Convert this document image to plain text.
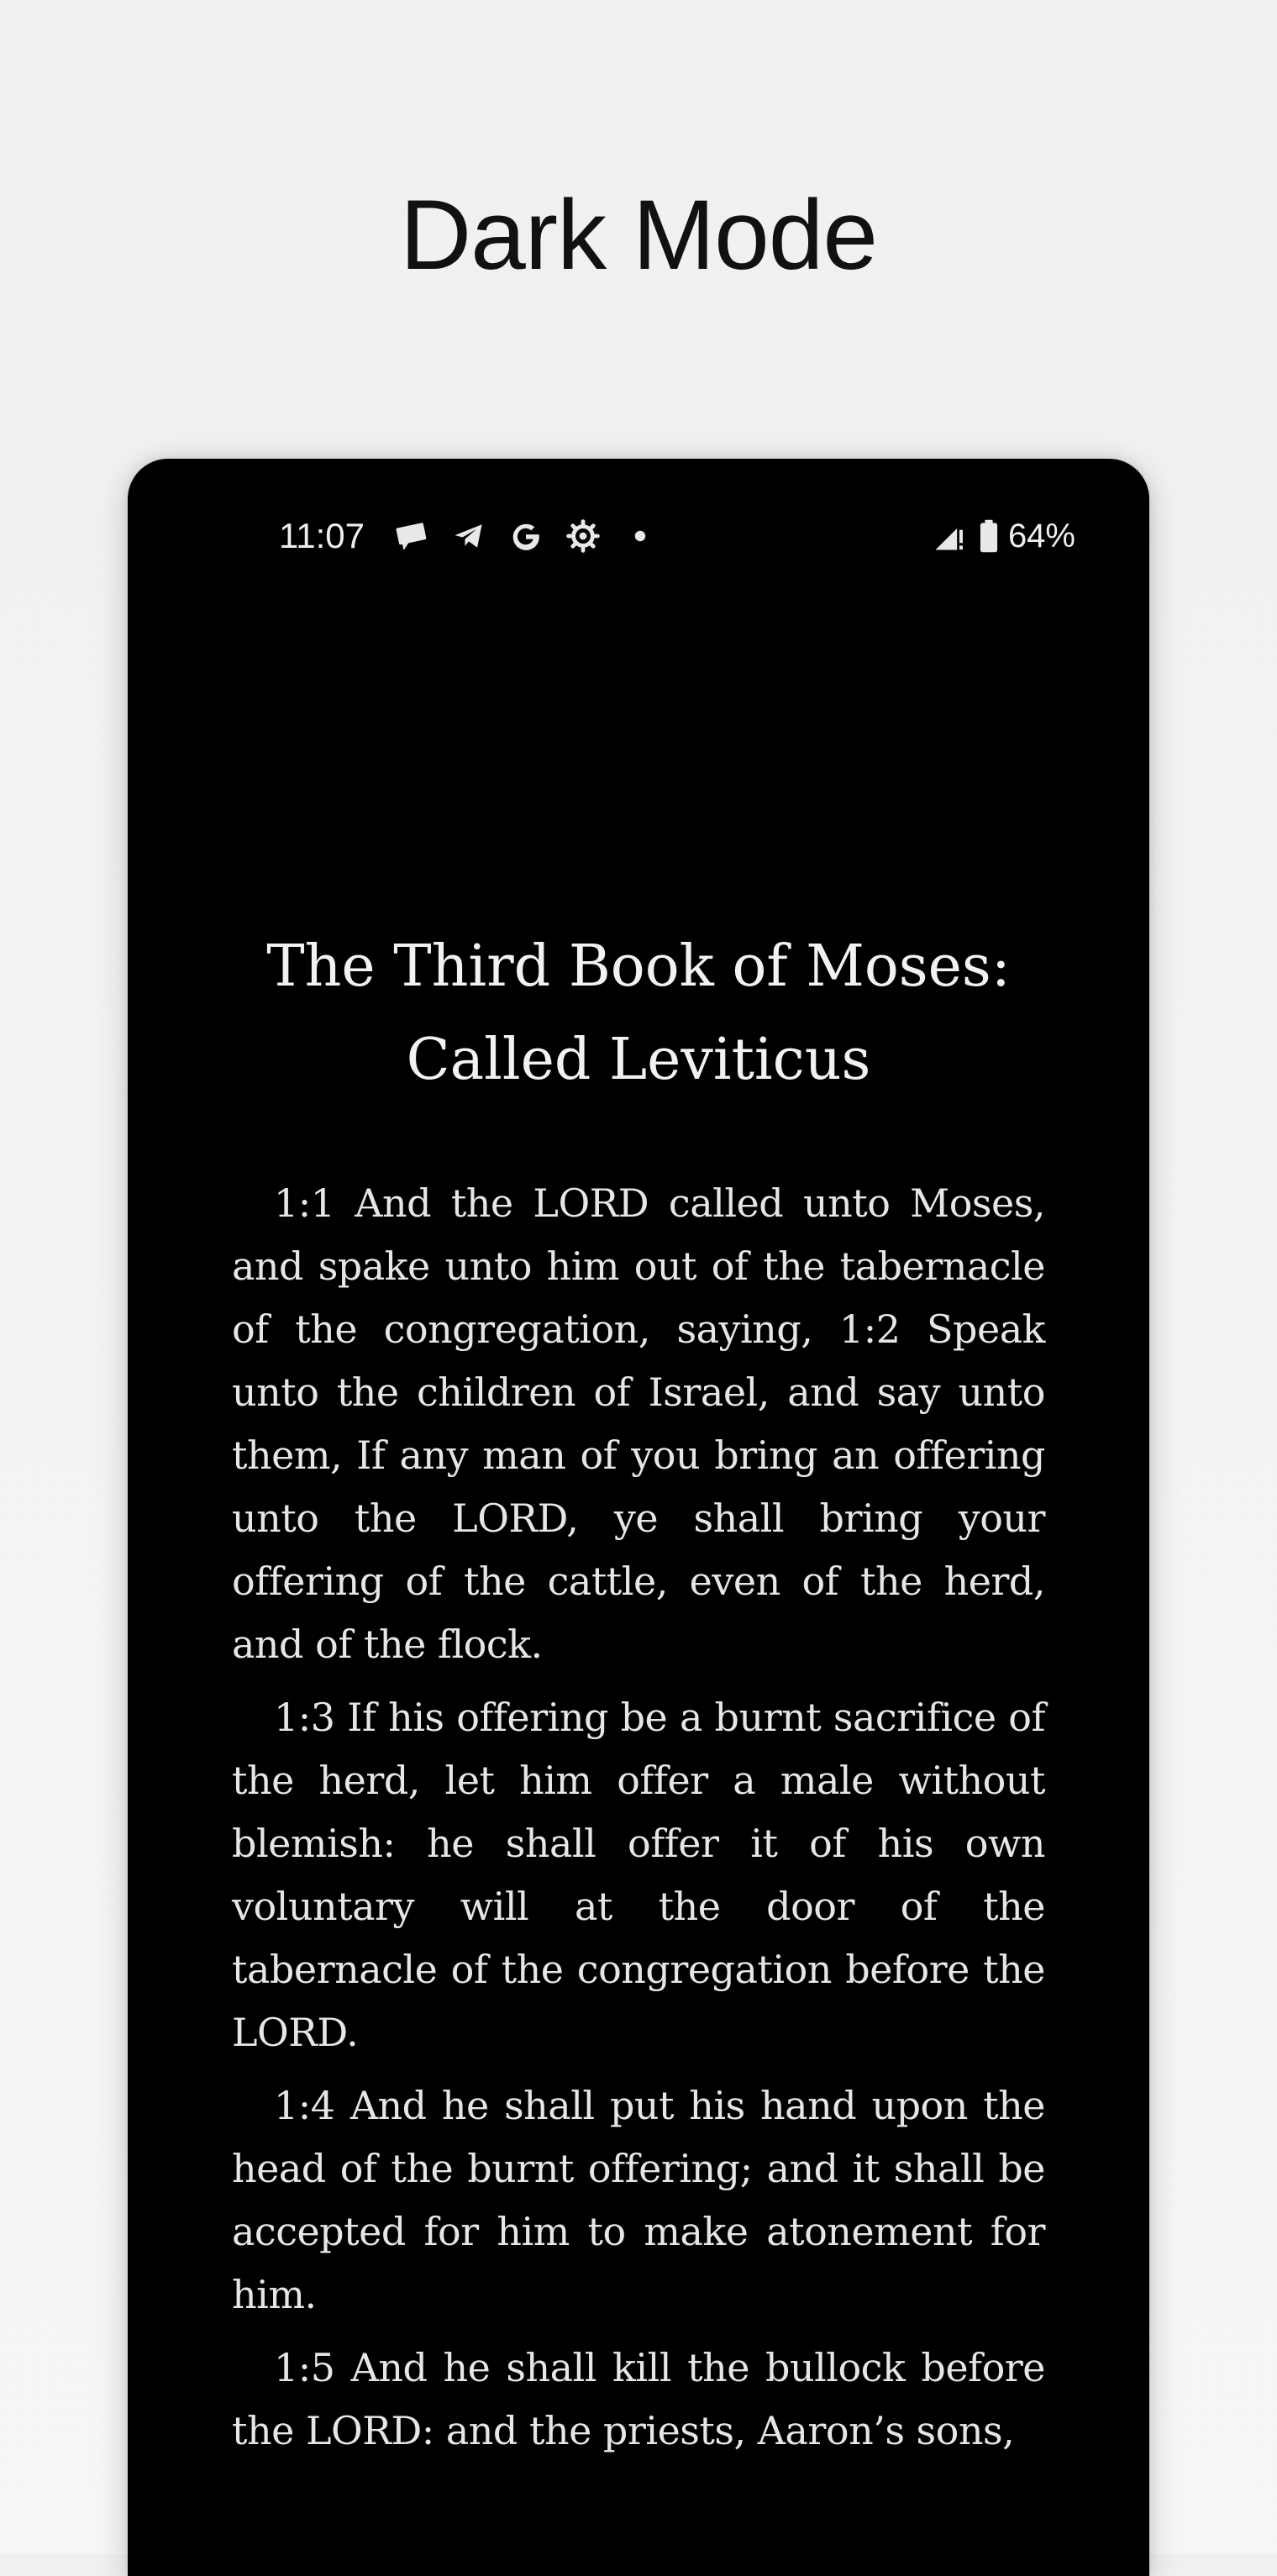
Dark Mode
11:07	64%
The Third Book of Moses: Called Leviticus

1:1 And the LORD called unto Moses, and spake unto him out of the tabernacle of the congregation, saying, 1:2 Speak unto the children of Israel, and say unto them, If any man of you bring an offering unto the LORD, ye shall bring your offering of the cattle, even of the herd, and of the flock.

1:3 If his offering be a burnt sacrifice of the herd, let him offer a male without blemish: he shall offer it of his own voluntary will at the door of the tabernacle of the congregation before the LORD.

1:4 And he shall put his hand upon the head of the burnt offering; and it shall be accepted for him to make atonement for him.

1:5 And he shall kill the bullock before the LORD: and the priests, Aaron’s sons,
